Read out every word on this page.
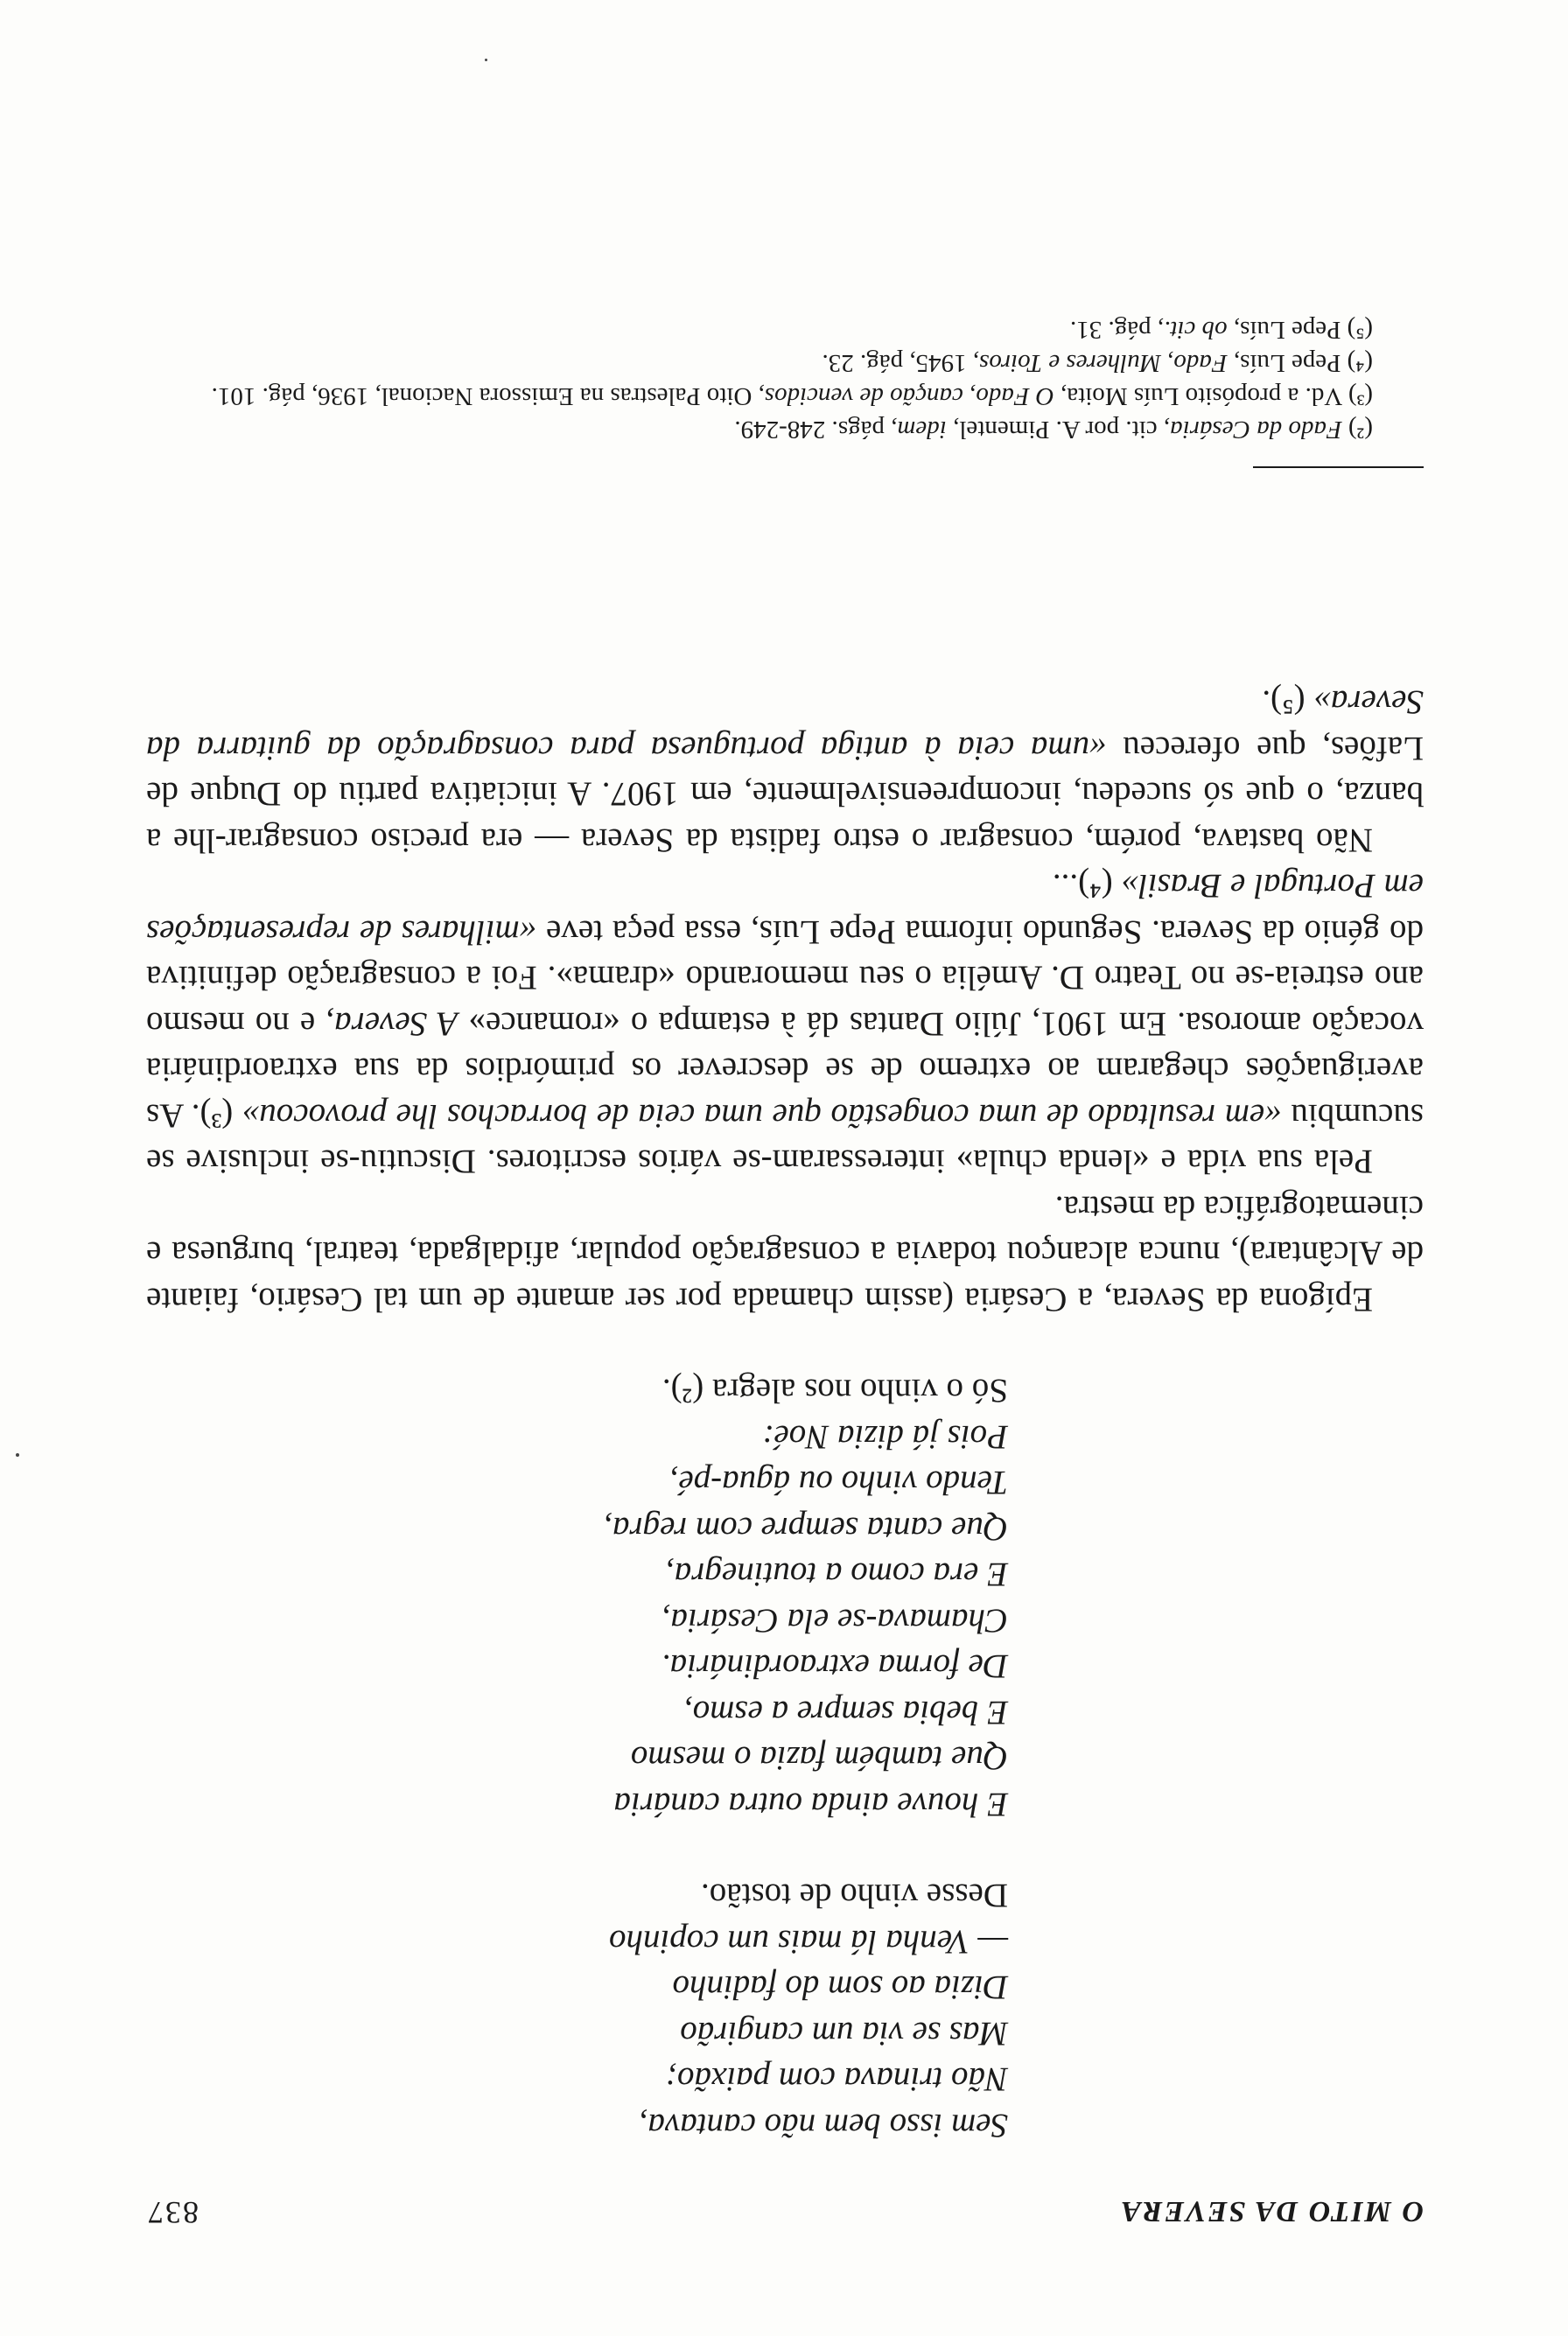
O MITO DA SEVERA
837
Sem isso bem não cantava,
Não trinava com paixão;
Mas se via um cangirão
Dizia ao som do fadinho
— Venha lá mais um copinho
Desse vinho de tostão.
E houve ainda outra canária
Que também fazia o mesmo
E bebia sempre a esmo,
De forma extraordinária.
Chamava-se ela Cesária,
E era como a toutinegra,
Que canta sempre com regra,
Tendo vinho ou água-pé,
Pois já dizia Noé:
Só o vinho nos alegra (²).

Epígona da Severa, a Cesária (assim chamada por ser amante de um tal Cesário, faiante de Alcântara), nunca alcançou todavia a consagração popular, afidalgada, teatral, burguesa e cinematográfica da mestra.

Pela sua vida e «lenda chula» interessaram-se vários escritores. Discutiu-se inclusive se sucumbiu «em resultado de uma congestão que uma ceia de borrachos lhe provocou» (³). As averiguações chegaram ao extremo de se descrever os primórdios da sua extraordinária vocação amorosa. Em 1901, Júlio Dantas dá à estampa o «romance» A Severa, e no mesmo ano estreia-se no Teatro D. Amélia o seu memorando «drama». Foi a consagração definitiva do génio da Severa. Segundo informa Pepe Luís, essa peça teve «milhares de representações em Portugal e Brasil» (⁴)...

Não bastava, porém, consagrar o estro fadista da Severa — era preciso consagrar-lhe a banza, o que só sucedeu, incompreensivelmente, em 1907. A iniciativa partiu do Duque de Lafões, que ofereceu «uma ceia à antiga portuguesa para consagração da guitarra da Severa» (⁵).

(²) Fado da Cesária, cit. por A. Pimentel, idem, págs. 248-249.

(³) Vd. a propósito Luís Moita, O Fado, canção de vencidos, Oito Palestras na Emissora Nacional, 1936, pág. 101.

(⁴) Pepe Luís, Fado, Mulheres e Toiros, 1945, pág. 23.

(⁵) Pepe Luís, ob cit., pág. 31.
